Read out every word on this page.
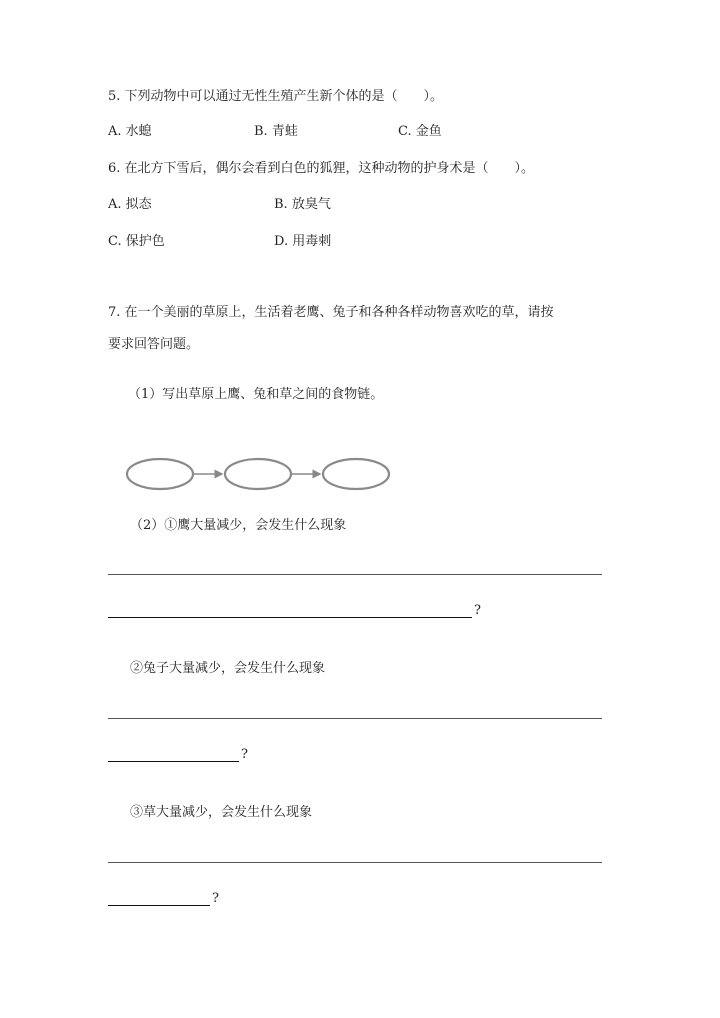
5. 下列动物中可以通过无性生殖产生新个体的是（　　）。
A. 水螅	B. 青蛙	C. 金鱼
6. 在北方下雪后，偶尔会看到白色的狐狸，这种动物的护身术是（　　）。
A. 拟态	B. 放臭气
C. 保护色	D. 用毒刺
7. 在一个美丽的草原上，生活着老鹰、兔子和各种各样动物喜欢吃的草，请按
要求回答问题。
（1）写出草原上鹰、兔和草之间的食物链。
（2）①鹰大量减少，会发生什么现象
?
②兔子大量减少，会发生什么现象
?
③草大量减少，会发生什么现象
?
